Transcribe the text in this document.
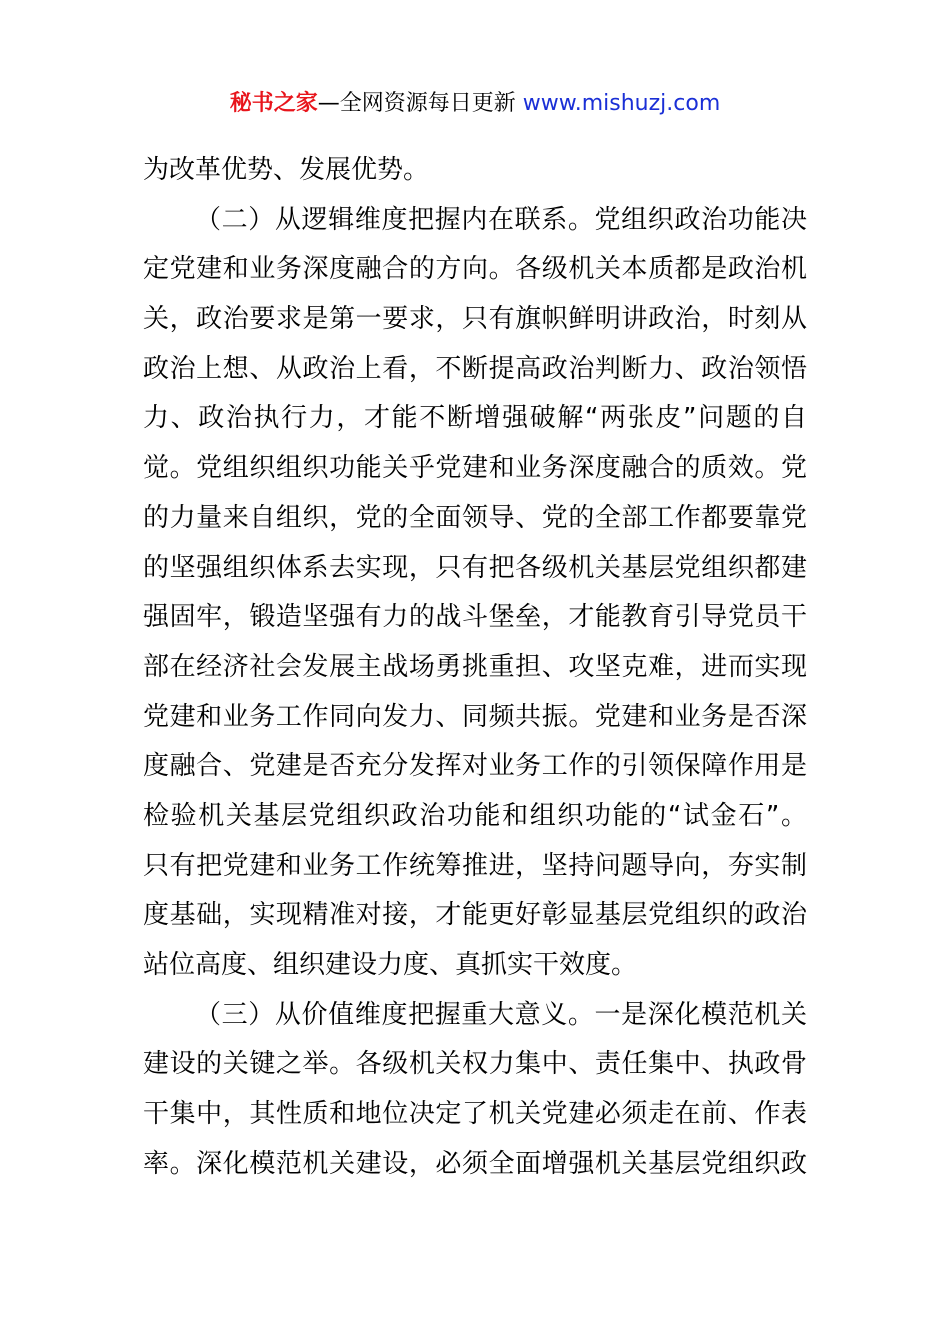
秘书之家—全网资源每日更新 www.mishuzj.com
为改革优势、发展优势。
（二）从逻辑维度把握内在联系。党组织政治功能决
定党建和业务深度融合的方向。各级机关本质都是政治机
关，政治要求是第一要求，只有旗帜鲜明讲政治，时刻从
政治上想、从政治上看，不断提高政治判断力、政治领悟
力、政治执行力，才能不断增强破解“两张皮”问题的自
觉。党组织组织功能关乎党建和业务深度融合的质效。党
的力量来自组织，党的全面领导、党的全部工作都要靠党
的坚强组织体系去实现，只有把各级机关基层党组织都建
强固牢，锻造坚强有力的战斗堡垒，才能教育引导党员干
部在经济社会发展主战场勇挑重担、攻坚克难，进而实现
党建和业务工作同向发力、同频共振。党建和业务是否深
度融合、党建是否充分发挥对业务工作的引领保障作用是
检验机关基层党组织政治功能和组织功能的“试金石”。
只有把党建和业务工作统筹推进，坚持问题导向，夯实制
度基础，实现精准对接，才能更好彰显基层党组织的政治
站位高度、组织建设力度、真抓实干效度。
（三）从价值维度把握重大意义。一是深化模范机关
建设的关键之举。各级机关权力集中、责任集中、执政骨
干集中，其性质和地位决定了机关党建必须走在前、作表
率。深化模范机关建设，必须全面增强机关基层党组织政
